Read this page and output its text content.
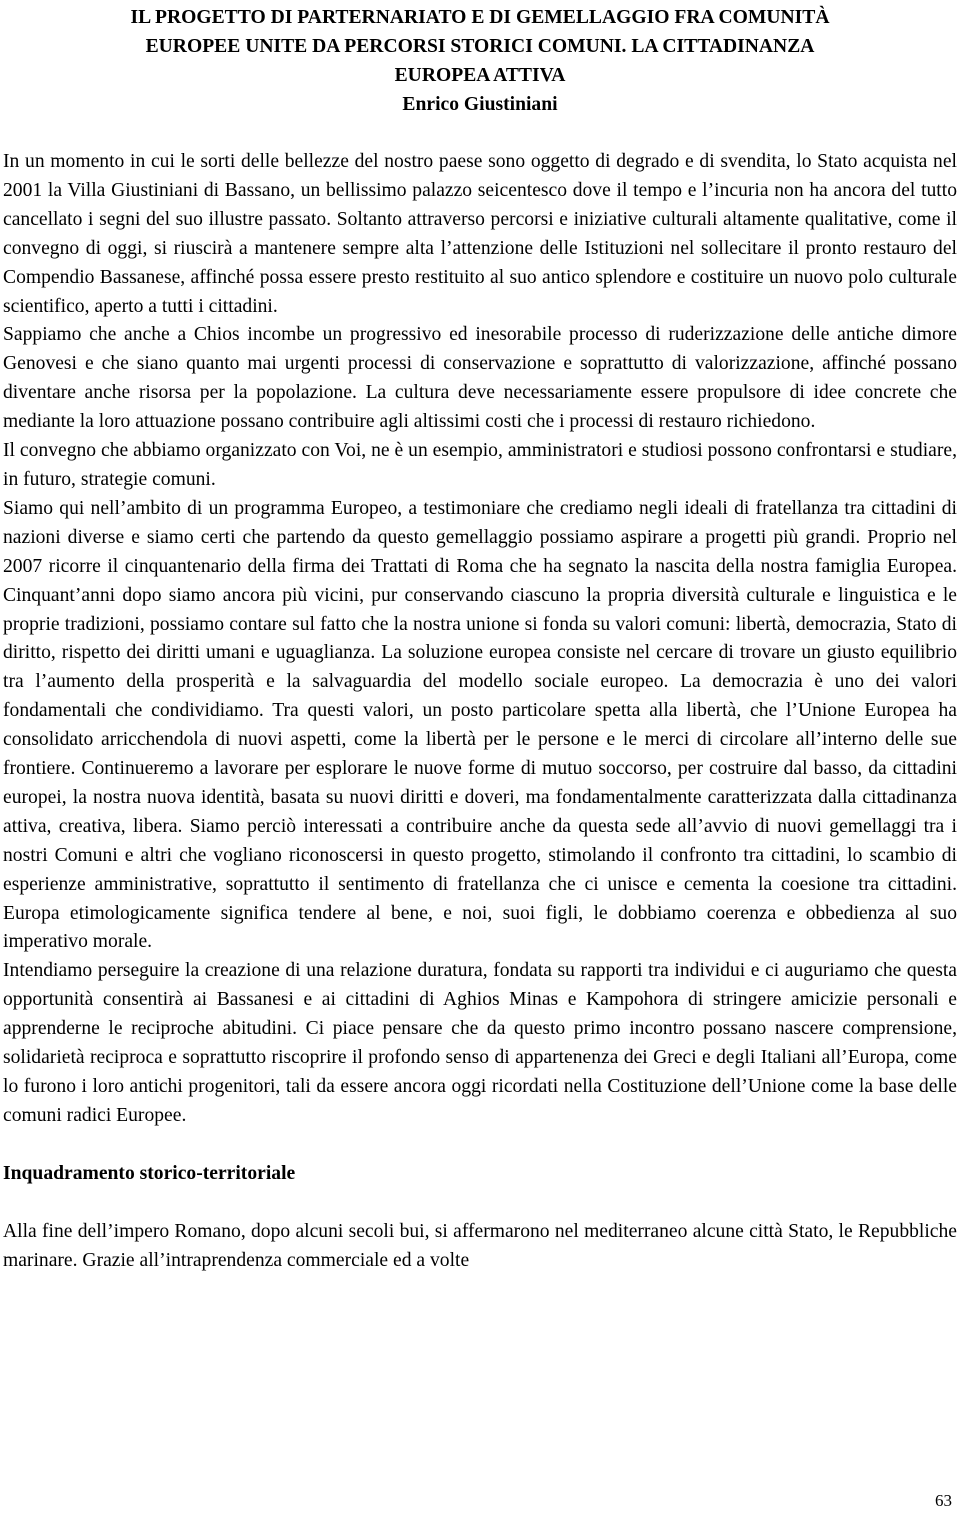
IL PROGETTO DI PARTERNARIATO E DI GEMELLAGGIO FRA COMUNITÀ
EUROPEE UNITE DA PERCORSI STORICI COMUNI. LA CITTADINANZA
EUROPEA ATTIVA
Enrico Giustiniani

In un momento in cui le sorti delle bellezze del nostro paese sono oggetto di degrado e di svendita, lo Stato acquista nel 2001 la Villa Giustiniani di Bassano, un bellissimo palazzo seicentesco dove il tempo e l’incuria non ha ancora del tutto cancellato i segni del suo illustre passato. Soltanto attraverso percorsi e iniziative culturali altamente qualitative, come il convegno di oggi, si riuscirà a mantenere sempre alta l’attenzione delle Istituzioni nel sollecitare il pronto restauro del Compendio Bassanese, affinché possa essere presto restituito al suo antico splendore e costituire un nuovo polo culturale scientifico, aperto a tutti i cittadini.

Sappiamo che anche a Chios incombe un progressivo ed inesorabile processo di ruderizzazione delle antiche dimore Genovesi e che siano quanto mai urgenti processi di conservazione e soprattutto di valorizzazione, affinché possano diventare anche risorsa per la popolazione. La cultura deve necessariamente essere propulsore di idee concrete che mediante la loro attuazione possano contribuire agli altissimi costi che i processi di restauro richiedono.

Il convegno che abbiamo organizzato con Voi, ne è un esempio, amministratori e studiosi possono confrontarsi e studiare, in futuro, strategie comuni.

Siamo qui nell’ambito di un programma Europeo, a testimoniare che crediamo negli ideali di fratellanza tra cittadini di nazioni diverse e siamo certi che partendo da questo gemellaggio possiamo aspirare a progetti più grandi. Proprio nel 2007 ricorre il cinquantenario della firma dei Trattati di Roma che ha segnato la nascita della nostra famiglia Europea. Cinquant’anni dopo siamo ancora più vicini, pur conservando ciascuno la propria diversità culturale e linguistica e le proprie tradizioni, possiamo contare sul fatto che la nostra unione si fonda su valori comuni: libertà, democrazia, Stato di diritto, rispetto dei diritti umani e uguaglianza. La soluzione europea consiste nel cercare di trovare un giusto equilibrio tra l’aumento della prosperità e la salvaguardia del modello sociale europeo. La democrazia è uno dei valori fondamentali che condividiamo. Tra questi valori, un posto particolare spetta alla libertà, che l’Unione Europea ha consolidato arricchendola di nuovi aspetti, come la libertà per le persone e le merci di circolare all’interno delle sue frontiere. Continueremo a lavorare per esplorare le nuove forme di mutuo soccorso, per costruire dal basso, da cittadini europei, la nostra nuova identità, basata su nuovi diritti e doveri, ma fondamentalmente caratterizzata dalla cittadinanza attiva, creativa, libera. Siamo perciò interessati a contribuire anche da questa sede all’avvio di nuovi gemellaggi tra i nostri Comuni e altri che vogliano riconoscersi in questo progetto, stimolando il confronto tra cittadini, lo scambio di esperienze amministrative, soprattutto il sentimento di fratellanza che ci unisce e cementa la coesione tra cittadini. Europa etimologicamente significa tendere al bene, e noi, suoi figli, le dobbiamo coerenza e obbedienza al suo imperativo morale.

Intendiamo perseguire la creazione di una relazione duratura, fondata su rapporti tra individui e ci auguriamo che questa opportunità consentirà ai Bassanesi e ai cittadini di Aghios Minas e Kampohora di stringere amicizie personali e apprenderne le reciproche abitudini. Ci piace pensare che da questo primo incontro possano nascere comprensione, solidarietà reciproca e soprattutto riscoprire il profondo senso di appartenenza dei Greci e degli Italiani all’Europa, come lo furono i loro antichi progenitori, tali da essere ancora oggi ricordati nella Costituzione dell’Unione come la base delle comuni radici Europee.

Inquadramento storico-territoriale

Alla fine dell’impero Romano, dopo alcuni secoli bui, si affermarono nel mediterraneo alcune città Stato, le Repubbliche marinare. Grazie all’intraprendenza commerciale ed a volte

63
